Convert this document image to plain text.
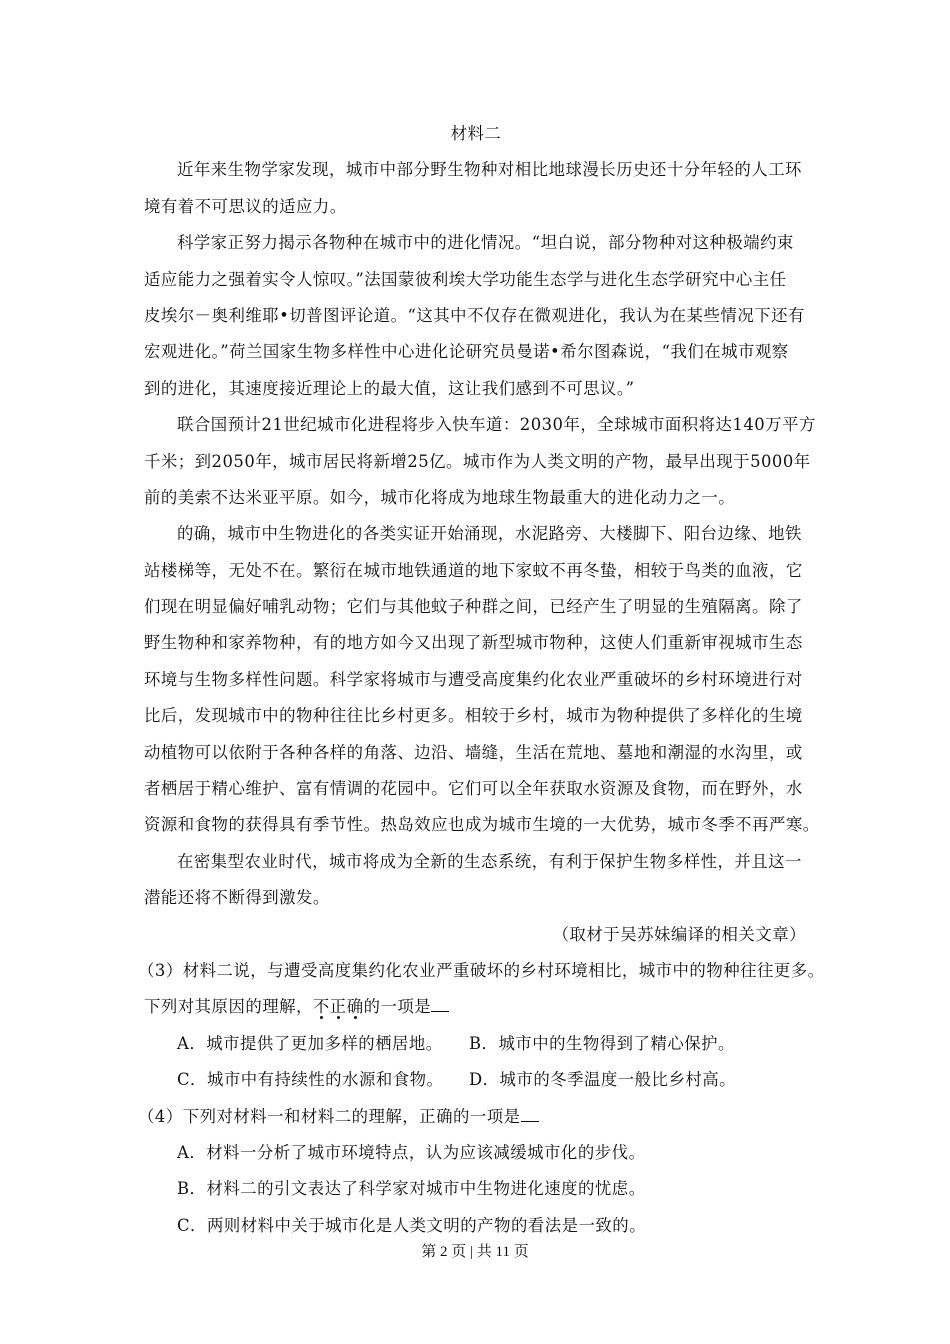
材料二
近年来生物学家发现，城市中部分野生物种对相比地球漫长历史还十分年轻的人工环
境有着不可思议的适应力。
科学家正努力揭示各物种在城市中的进化情况。“坦白说，部分物种对这种极端约束
适应能力之强着实令人惊叹。”法国蒙彼利埃大学功能生态学与进化生态学研究中心主任
皮埃尔－奥利维耶•切普图评论道。“这其中不仅存在微观进化，我认为在某些情况下还有
宏观进化。”荷兰国家生物多样性中心进化论研究员曼诺•希尔图森说，“我们在城市观察
到的进化，其速度接近理论上的最大值，这让我们感到不可思议。”
联合国预计21世纪城市化进程将步入快车道：2030年，全球城市面积将达140万平方
千米；到2050年，城市居民将新增25亿。城市作为人类文明的产物，最早出现于5000年
前的美索不达米亚平原。如今，城市化将成为地球生物最重大的进化动力之一。
的确，城市中生物进化的各类实证开始涌现，水泥路旁、大楼脚下、阳台边缘、地铁
站楼梯等，无处不在。繁衍在城市地铁通道的地下家蚊不再冬蛰，相较于鸟类的血液，它
们现在明显偏好哺乳动物；它们与其他蚊子种群之间，已经产生了明显的生殖隔离。除了
野生物种和家养物种，有的地方如今又出现了新型城市物种，这使人们重新审视城市生态
环境与生物多样性问题。科学家将城市与遭受高度集约化农业严重破坏的乡村环境进行对
比后，发现城市中的物种往往比乡村更多。相较于乡村，城市为物种提供了多样化的生境
动植物可以依附于各种各样的角落、边沿、墙缝，生活在荒地、墓地和潮湿的水沟里，或
者栖居于精心维护、富有情调的花园中。它们可以全年获取水资源及食物，而在野外，水
资源和食物的获得具有季节性。热岛效应也成为城市生境的一大优势，城市冬季不再严寒。
在密集型农业时代，城市将成为全新的生态系统，有利于保护生物多样性，并且这一
潜能还将不断得到激发。
（取材于吴苏妹编译的相关文章）
（3）材料二说，与遭受高度集约化农业严重破坏的乡村环境相比，城市中的物种往往更多。
下列对其原因的理解，不正确的一项是
A．城市提供了更加多样的栖居地。	B．城市中的生物得到了精心保护。
C．城市中有持续性的水源和食物。	D．城市的冬季温度一般比乡村高。
（4）下列对材料一和材料二的理解，正确的一项是
A．材料一分析了城市环境特点，认为应该减缓城市化的步伐。
B．材料二的引文表达了科学家对城市中生物进化速度的忧虑。
C．两则材料中关于城市化是人类文明的产物的看法是一致的。
第 2 页 | 共 11 页
